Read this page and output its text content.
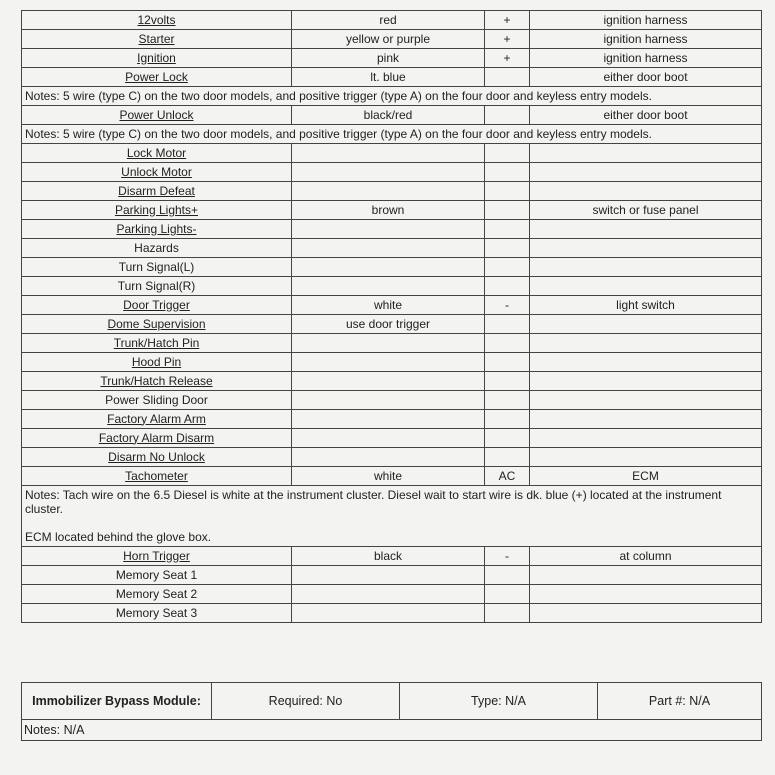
12volts	red	+	ignition harness
Starter	yellow or purple	+	ignition harness
Ignition	pink	+	ignition harness
Power Lock	lt. blue		either door boot

Notes: 5 wire (type C) on the two door models, and positive trigger (type A) on the four door and keyless entry models.			

Power Unlock	black/red		either door boot

Notes: 5 wire (type C) on the two door models, and positive trigger (type A) on the four door and keyless entry models.			

Lock Motor			
Unlock Motor			
Disarm Defeat			
Parking Lights+	brown		switch or fuse panel
Parking Lights-			
Hazards			
Turn Signal(L)			
Turn Signal(R)			
Door Trigger	white	-	light switch
Dome Supervision	use door trigger		
Trunk/Hatch Pin			
Hood Pin			
Trunk/Hatch Release			
Power Sliding Door			
Factory Alarm Arm			
Factory Alarm Disarm			
Disarm No Unlock			
Tachometer	white	AC	ECM

Notes: Tach wire on the 6.5 Diesel is white at the instrument cluster. Diesel wait to start wire is dk. blue (+) located at the instrument cluster.
ECM located behind the glove box.			

Horn Trigger	black	-	at column
Memory Seat 1			
Memory Seat 2			
Memory Seat 3			
Immobilizer Bypass Module:	Required: No	Type: N/A	Part #: N/A
Notes: N/A
